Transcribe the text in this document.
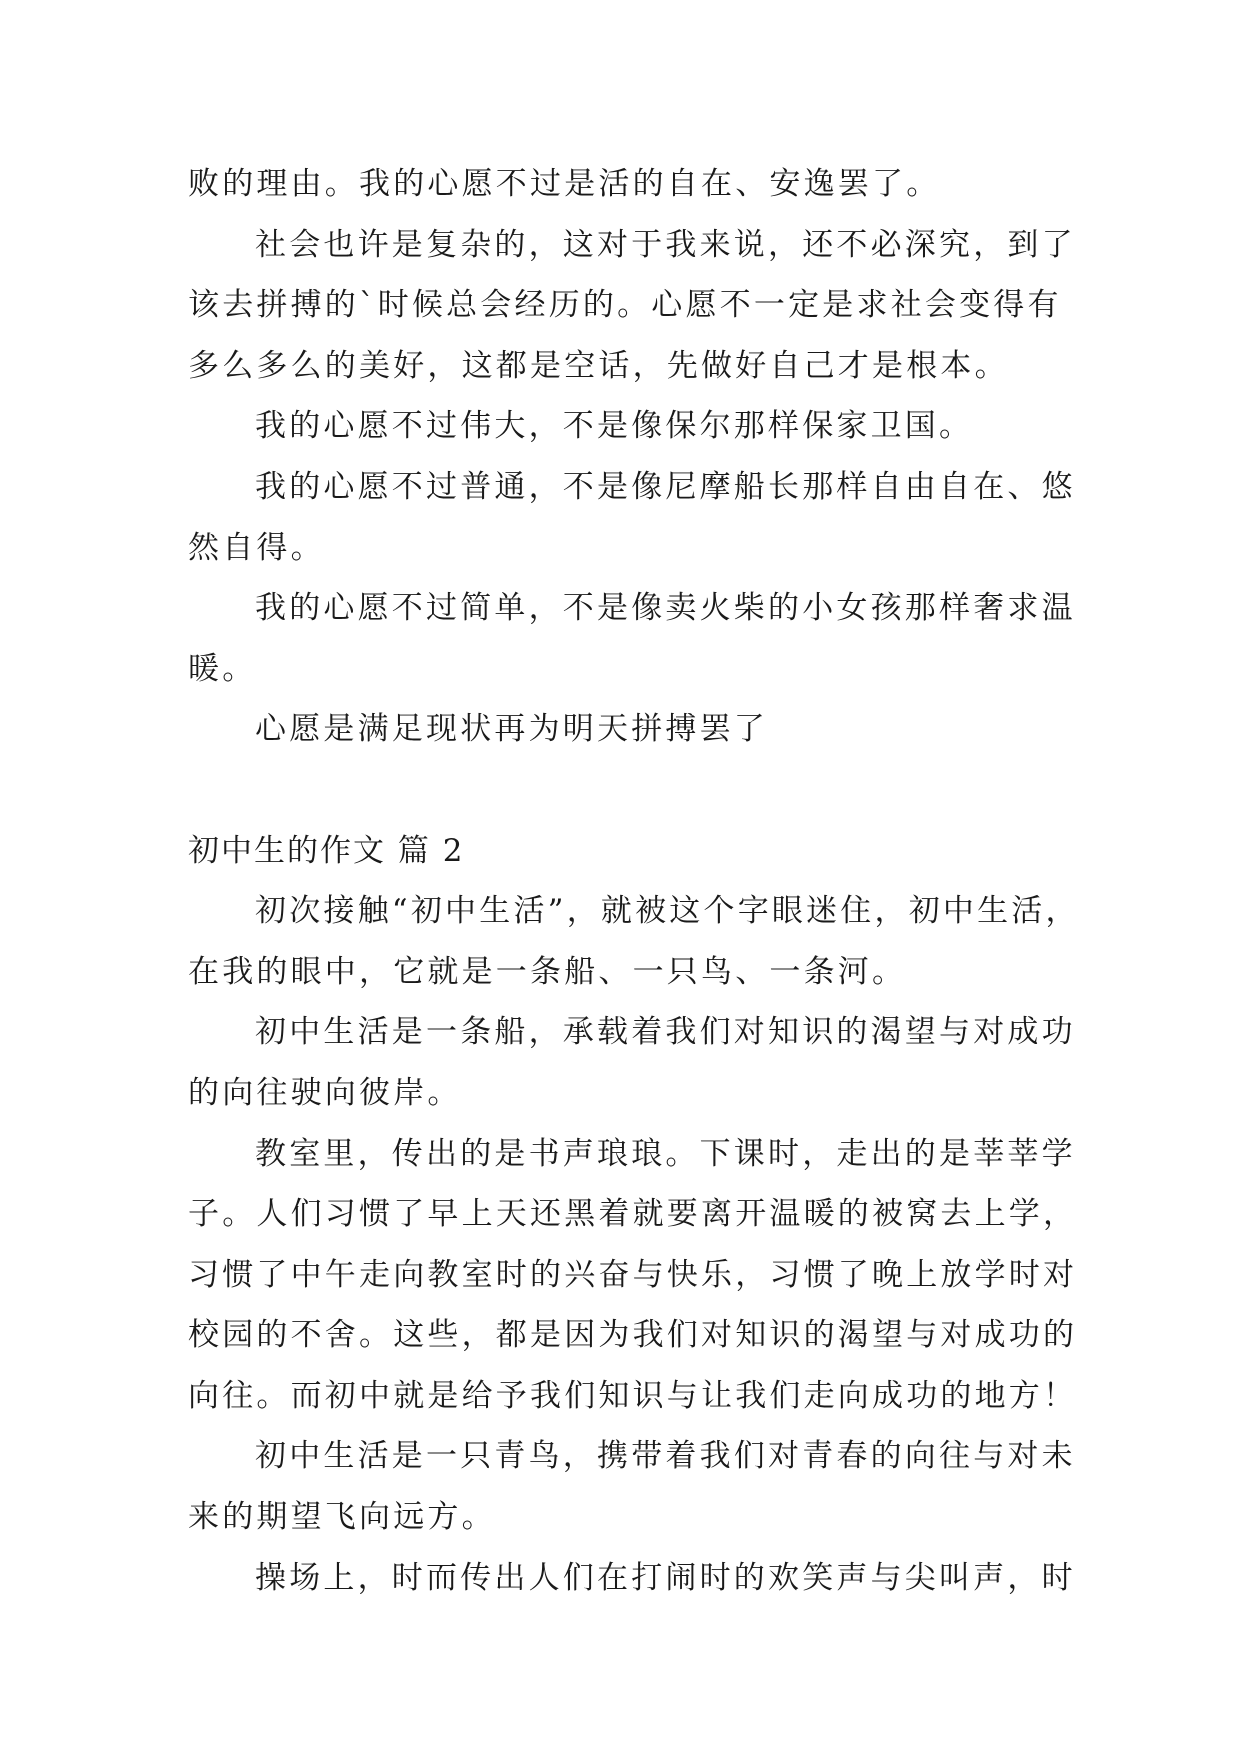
败的理由。我的心愿不过是活的自在、安逸罢了。
社会也许是复杂的，这对于我来说，还不必深究，到了
该去拼搏的`时候总会经历的。心愿不一定是求社会变得有
多么多么的美好，这都是空话，先做好自己才是根本。
我的心愿不过伟大，不是像保尔那样保家卫国。
我的心愿不过普通，不是像尼摩船长那样自由自在、悠
然自得。
我的心愿不过简单，不是像卖火柴的小女孩那样奢求温
暖。
心愿是满足现状再为明天拼搏罢了
初中生的作文 篇 2
初次接触“初中生活”，就被这个字眼迷住，初中生活，
在我的眼中，它就是一条船、一只鸟、一条河。
初中生活是一条船，承载着我们对知识的渴望与对成功
的向往驶向彼岸。
教室里，传出的是书声琅琅。下课时，走出的是莘莘学
子。人们习惯了早上天还黑着就要离开温暖的被窝去上学，
习惯了中午走向教室时的兴奋与快乐，习惯了晚上放学时对
校园的不舍。这些，都是因为我们对知识的渴望与对成功的
向往。而初中就是给予我们知识与让我们走向成功的地方！
初中生活是一只青鸟，携带着我们对青春的向往与对未
来的期望飞向远方。
操场上，时而传出人们在打闹时的欢笑声与尖叫声，时
